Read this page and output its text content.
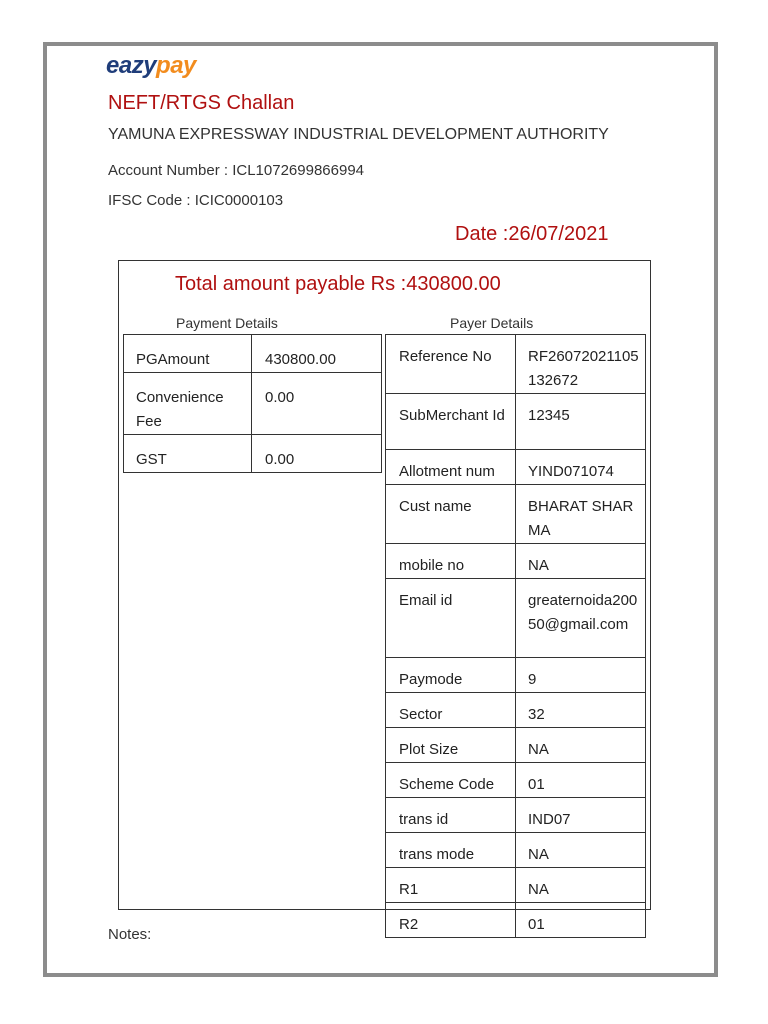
eazypay
NEFT/RTGS Challan
YAMUNA EXPRESSWAY INDUSTRIAL DEVELOPMENT AUTHORITY
Account Number : ICL1072699866994
IFSC Code : ICIC0000103
Date :26/07/2021
Total amount payable Rs :430800.00
Payment Details	Payer Details
PGAmount	430800.00
Convenience Fee	0.00
GST	0.00
Reference No	RF26072021105132672
SubMerchant Id	12345
Allotment num	YIND071074
Cust name	BHARAT SHARMA
mobile no	NA
Email id	greaternoida20050@gmail.com
Paymode	9
Sector	32
Plot Size	NA
Scheme Code	01
trans id	IND07
trans mode	NA
R1	NA
R2	01
Notes:
